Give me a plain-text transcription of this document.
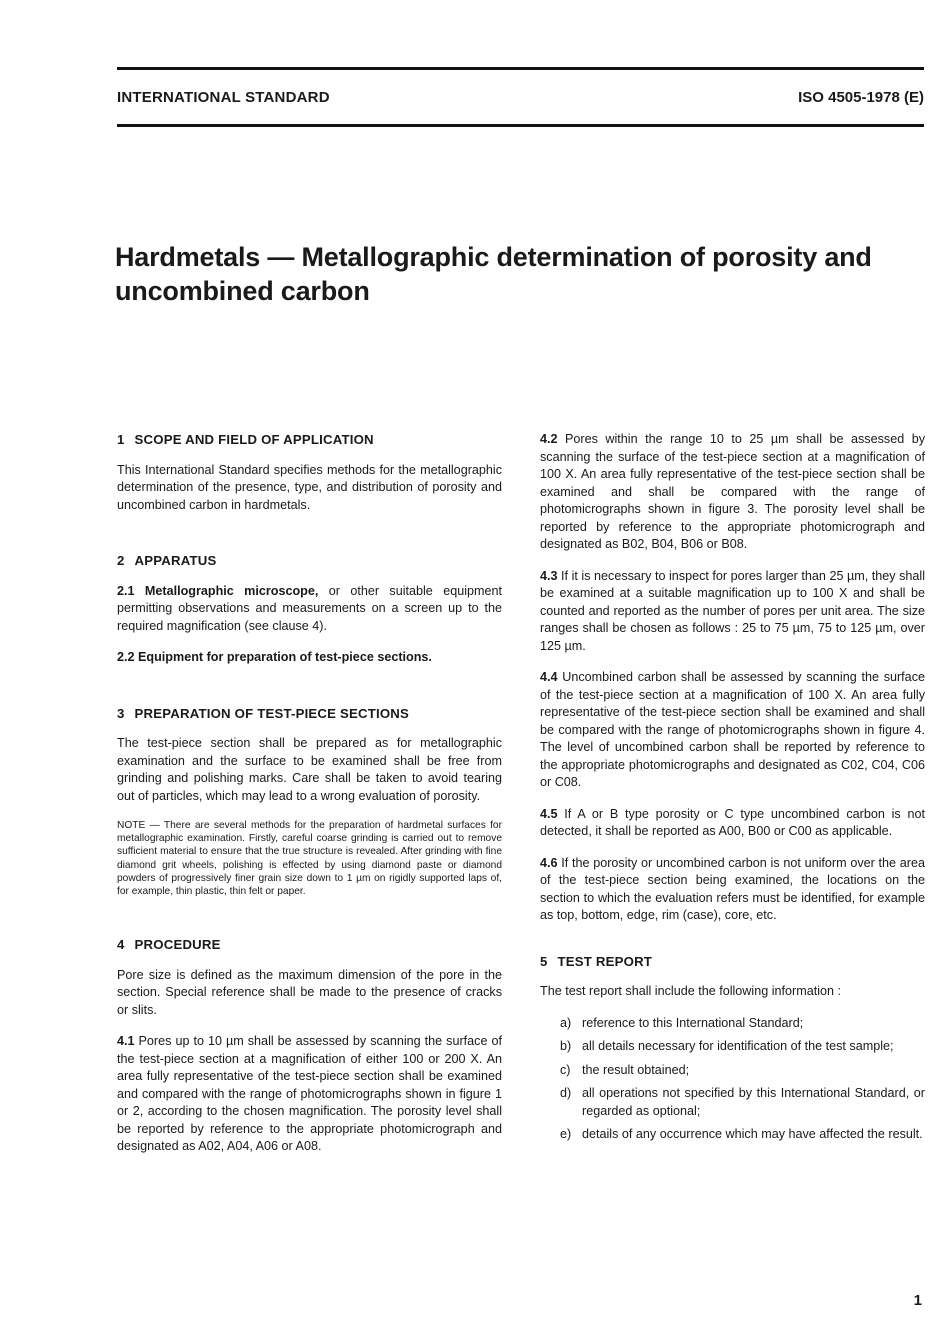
INTERNATIONAL STANDARD	ISO 4505-1978 (E)
Hardmetals — Metallographic determination of porosity and
uncombined carbon
1 SCOPE AND FIELD OF APPLICATION

This International Standard specifies methods for the metallographic determination of the presence, type, and distribution of porosity and uncombined carbon in hardmetals.

2 APPARATUS

2.1 Metallographic microscope, or other suitable equipment permitting observations and measurements on a screen up to the required magnification (see clause 4).

2.2 Equipment for preparation of test-piece sections.

3 PREPARATION OF TEST-PIECE SECTIONS

The test-piece section shall be prepared as for metallographic examination and the surface to be examined shall be free from grinding and polishing marks. Care shall be taken to avoid tearing out of particles, which may lead to a wrong evaluation of porosity.

NOTE — There are several methods for the preparation of hardmetal surfaces for metallographic examination. Firstly, careful coarse grinding is carried out to remove sufficient material to ensure that the true structure is revealed. After grinding with fine diamond grit wheels, polishing is effected by using diamond paste or diamond powders of progressively finer grain size down to 1 µm on rigidly supported laps of, for example, thin plastic, thin felt or paper.
4 PROCEDURE

Pore size is defined as the maximum dimension of the pore in the section. Special reference shall be made to the presence of cracks or slits.

4.1 Pores up to 10 µm shall be assessed by scanning the surface of the test-piece section at a magnification of either 100 or 200 X. An area fully representative of the test-piece section shall be examined and compared with the range of photomicrographs shown in figure 1 or 2, according to the chosen magnification. The porosity level shall be reported by reference to the appropriate photomicrograph and designated as A02, A04, A06 or A08.

4.2 Pores within the range 10 to 25 µm shall be assessed by scanning the surface of the test-piece section at a magnification of 100 X. An area fully representative of the test-piece section shall be examined and shall be compared with the range of photomicrographs shown in figure 3. The porosity level shall be reported by reference to the appropriate photomicrograph and designated as B02, B04, B06 or B08.

4.3 If it is necessary to inspect for pores larger than 25 µm, they shall be examined at a suitable magnification up to 100 X and shall be counted and reported as the number of pores per unit area. The size ranges shall be chosen as follows : 25 to 75 µm, 75 to 125 µm, over 125 µm.

4.4 Uncombined carbon shall be assessed by scanning the surface of the test-piece section at a magnification of 100 X. An area fully representative of the test-piece section shall be examined and shall be compared with the range of photomicrographs shown in figure 4. The level of uncombined carbon shall be reported by reference to the appropriate photomicrographs and designated as C02, C04, C06 or C08.

4.5 If A or B type porosity or C type uncombined carbon is not detected, it shall be reported as A00, B00 or C00 as applicable.

4.6 If the porosity or uncombined carbon is not uniform over the area of the test-piece section being examined, the locations on the section to which the evaluation refers must be identified, for example as top, bottom, edge, rim (case), core, etc.

5 TEST REPORT

The test report shall include the following information :

a) reference to this International Standard;
b) all details necessary for identification of the test sample;
c) the result obtained;
d) all operations not specified by this International Standard, or regarded as optional;
e) details of any occurrence which may have affected the result.
1
